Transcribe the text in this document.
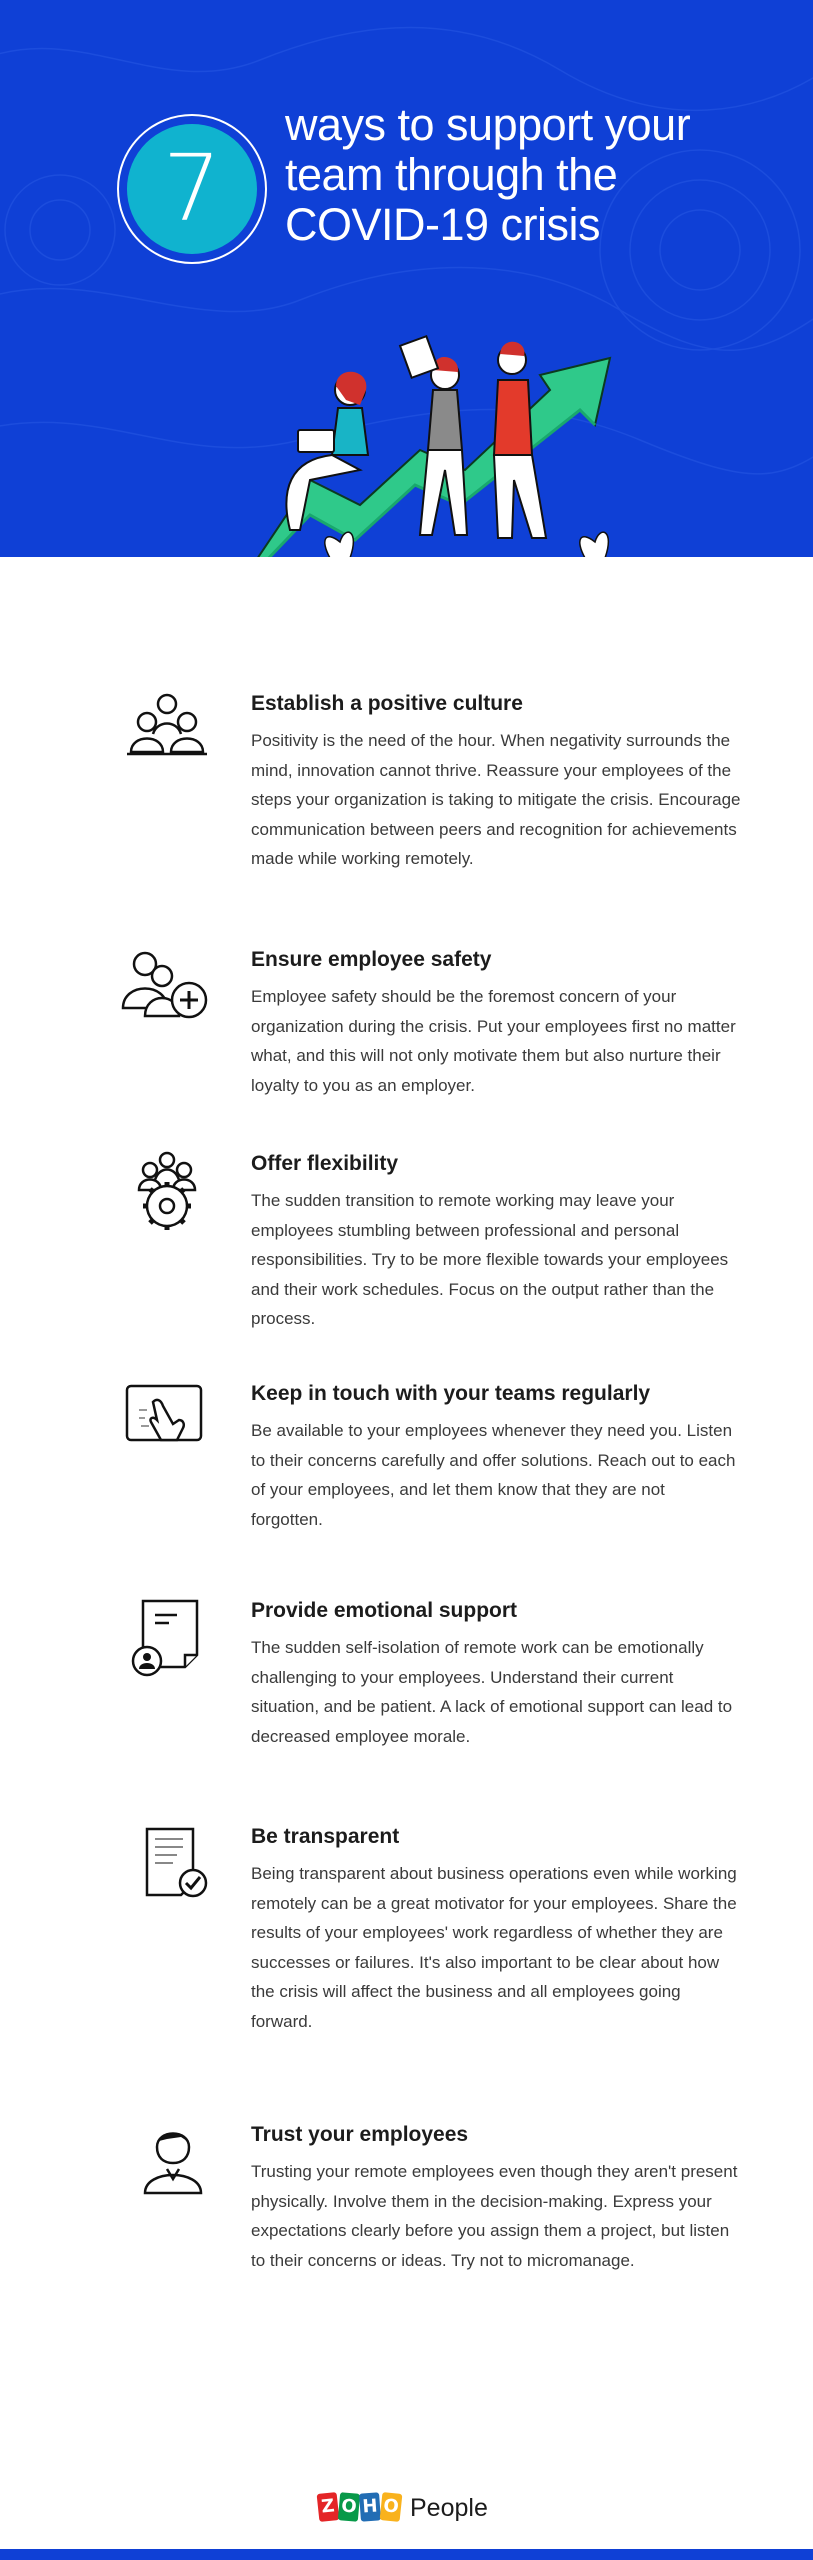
7
ways to support your team through the COVID-19 crisis
Establish a positive culture

Positivity is the need of the hour. When negativity surrounds the mind, innovation cannot thrive. Reassure your employees of the steps your organization is taking to mitigate the crisis. Encourage communication between peers and recognition for achievements made while working remotely.

Ensure employee safety

Employee safety should be the foremost concern of your organization during the crisis. Put your employees first no matter what, and this will not only motivate them but also nurture their loyalty to you as an employer.

Offer flexibility

The sudden transition to remote working may leave your employees stumbling between professional and personal responsibilities. Try to be more flexible towards your employees and their work schedules. Focus on the output rather than the process.

Keep in touch with your teams regularly

Be available to your employees whenever they need you. Listen to their concerns carefully and offer solutions. Reach out to each of your employees, and let them know that they are not forgotten.

Provide emotional support

The sudden self-isolation of remote work can be emotionally challenging to your employees. Understand their current situation, and be patient. A lack of emotional support can lead to decreased employee morale.

Be transparent

Being transparent about business operations even while working remotely can be a great motivator for your employees. Share the results of your employees' work regardless of whether they are successes or failures. It's also important to be clear about how the crisis will affect the business and all employees going forward.

Trust your employees

Trusting your remote employees even though they aren't present physically. Involve them in the decision-making. Express your expectations clearly before you assign them a project, but listen to their concerns or ideas. Try not to micromanage.

Z O H O People
